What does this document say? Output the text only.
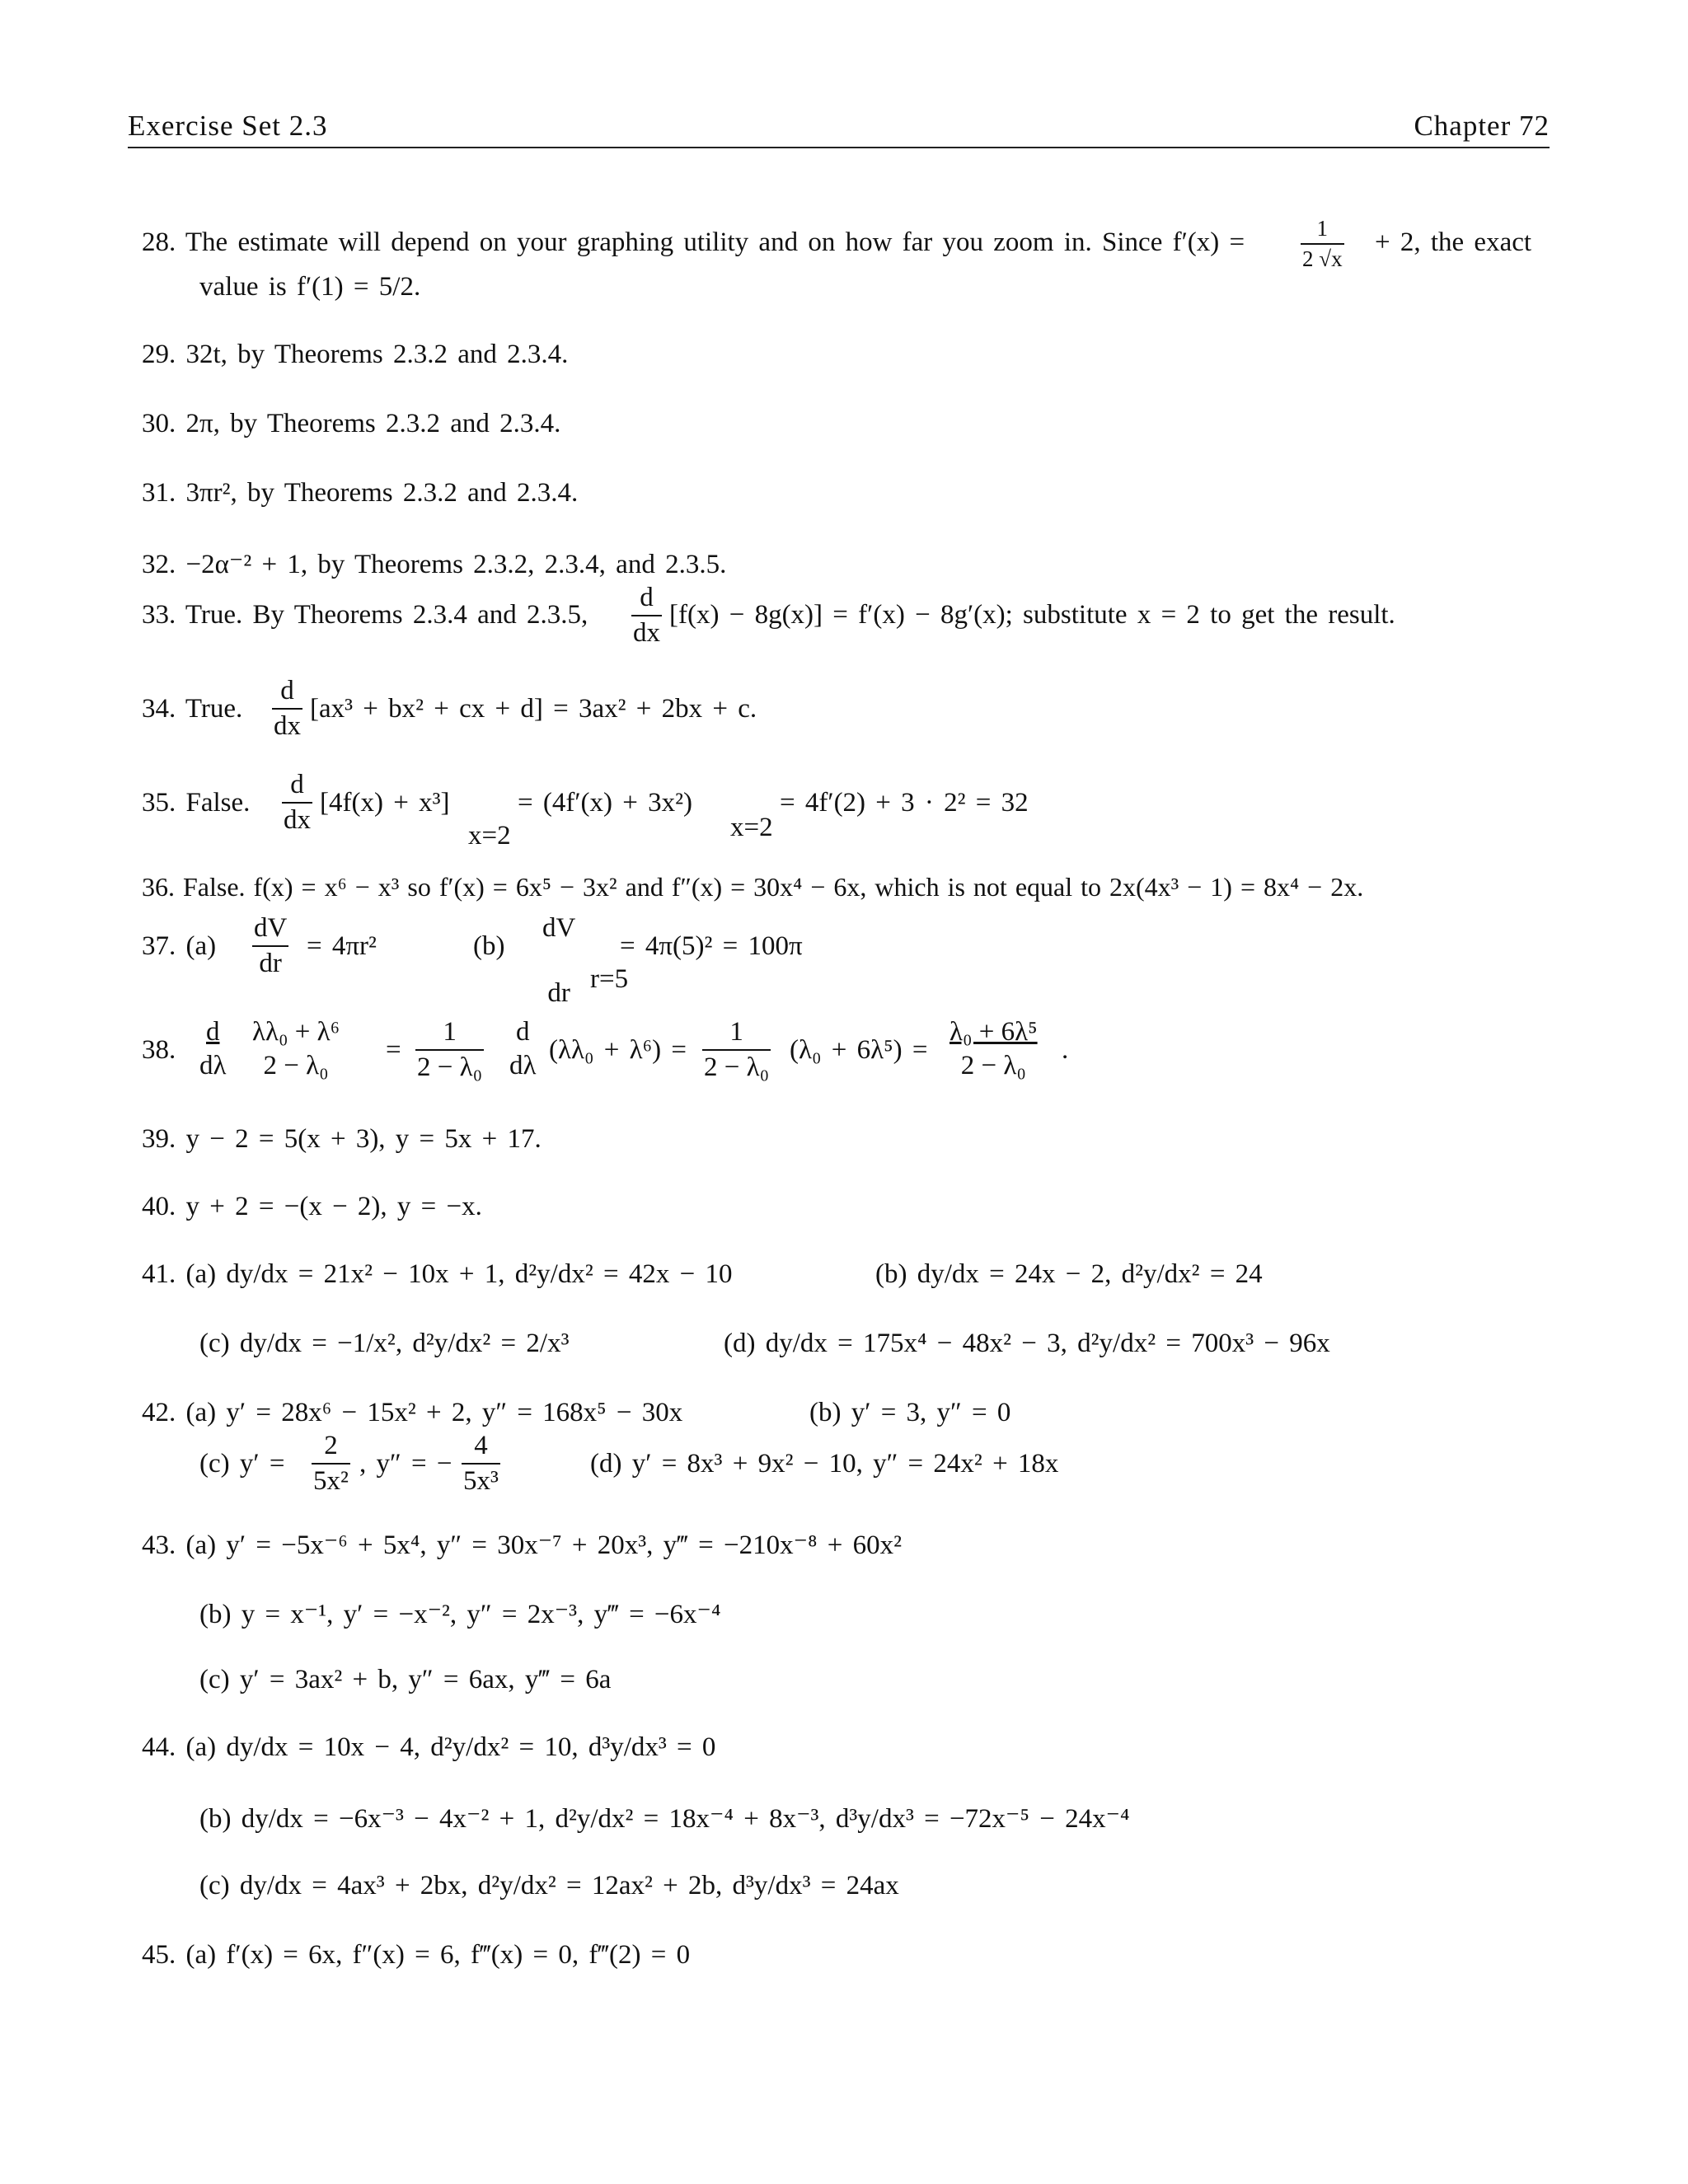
Exercise Set 2.3	Chapter 72
28. The estimate will depend on your graphing utility and on how far you zoom in. Since f′(x) =	$\frac{1}{2 √x} + 2$, the exact
value is f′(1) = 5/2.
29. 32t, by Theorems 2.3.2 and 2.3.4.
30. 2π, by Theorems 2.3.2 and 2.3.4.
31. 3πr², by Theorems 2.3.2 and 2.3.4.
32. −2α⁻² + 1, by Theorems 2.3.2, 2.3.4, and 2.3.5.
33. True. By Theorems 2.3.4 and 2.3.5, $\frac{d}{dx} [f(x) - 8g(x)] = f'(x) - 8g'(x)$; substitute x = 2 to get the result.
34. True. $\frac{d}{dx} [ax^3 + bx^2$ + cx + d] = 3ax² + 2bx + c.
35. False. $\frac{d}{dx} [4f(x) + x^3]$
x=2
= (4f′(x) + 3x²)
x=2
= 4f′(2) + 3 · 2² = 32
36. False. f(x) = x⁶ − x³ so f′(x) = 6x⁵ − 3x² and f″(x) = 30x⁴ − 6x, which is not equal to 2x(4x³ − 1) = 8x⁴ − 2x.
37. $(a) \frac{dV}{dr} = 4\pi r^2$	(b)
dV
dr r=5
= 4π(5)² = 100π
38. $\frac{d}{d\lambda} \lambda\lambda_0 + \lambda^6$
2 − λ₀
= $\frac{1}{\text{2 − λ₀}}$	d
dλ
$(\lambda\lambda_0 + \lambda^6) = \frac{1}{\text{2 − λ₀}} (\lambda_0 + 6\lambda^5) = \frac{\text{λ₀ + 6λ⁵}}{\text{2 − λ₀}}$ .
39. y − 2 = 5(x + 3), y = 5x + 17.
40. y + 2 = −(x − 2), y = −x.
41. (a) dy/dx = 21x² − 10x + 1, d²y/dx² = 42x − 10	(b) dy/dx = 24x − 2, d²y/dx² = 24
(c) dy/dx = −1/x², d²y/dx² = 2/x³	(d) dy/dx = 175x⁴ − 48x² − 3, d²y/dx² = 700x³ − 96x
42. (a) y′ = 28x⁶ − 15x² + 2, y″ = 168x⁵ − 30x	(b) y′ = 3, y″ = 0
(c) $y' = \frac{2}{\text{5x²}}$ , y″ = − $\frac{4}{\text{5x³}}$	(d) y′ = 8x³ + 9x² − 10, y″ = 24x² + 18x
43. (a) y′ = −5x⁻⁶ + 5x⁴, y″ = 30x⁻⁷ + 20x³, y‴ = −210x⁻⁸ + 60x²
(b) y = x⁻¹, y′ = −x⁻², y″ = 2x⁻³, y‴ = −6x⁻⁴
(c) y′ = 3ax² + b, y″ = 6ax, y‴ = 6a
44. (a) dy/dx = 10x − 4, d²y/dx² = 10, d³y/dx³ = 0
(b) dy/dx = −6x⁻³ − 4x⁻² + 1, d²y/dx² = 18x⁻⁴ + 8x⁻³, d³y/dx³ = −72x⁻⁵ − 24x⁻⁴
(c) dy/dx = 4ax³ + 2bx, d²y/dx² = 12ax² + 2b, d³y/dx³ = 24ax
45. (a) f′(x) = 6x, f″(x) = 6, f‴(x) = 0, f‴(2) = 0
